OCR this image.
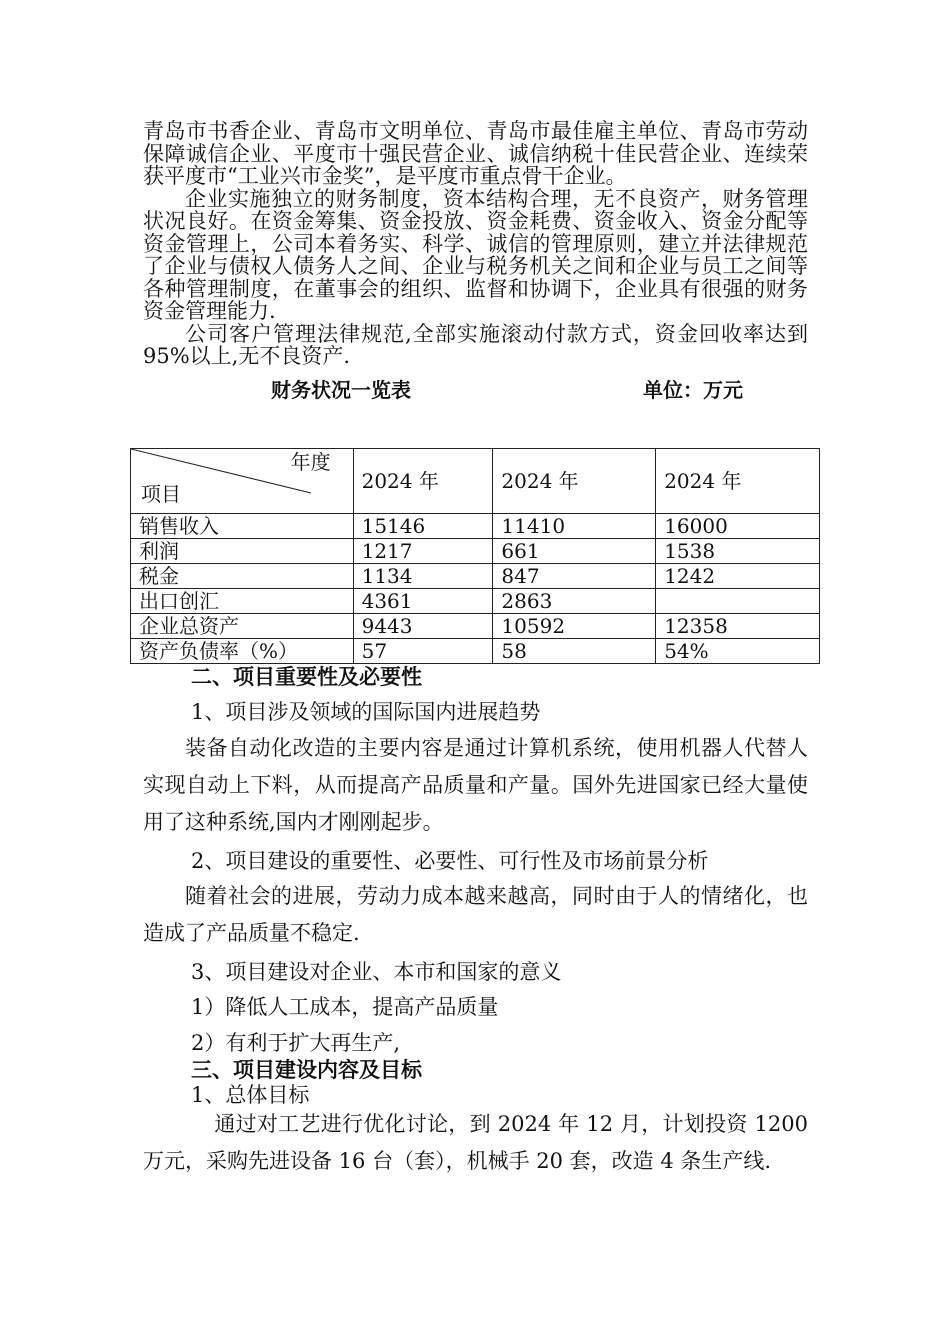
青岛市书香企业、青岛市文明单位、青岛市最佳雇主单位、青岛市劳动保障诚信企业、平度市十强民营企业、诚信纳税十佳民营企业、连续荣获平度市“工业兴市金奖”，是平度市重点骨干企业。

企业实施独立的财务制度，资本结构合理，无不良资产，财务管理状况良好。在资金筹集、资金投放、资金耗费、资金收入、资金分配等资金管理上，公司本着务实、科学、诚信的管理原则，建立并法律规范了企业与债权人债务人之间、企业与税务机关之间和企业与员工之间等各种管理制度，在董事会的组织、监督和协调下，企业具有很强的财务资金管理能力.

公司客户管理法律规范,全部实施滚动付款方式，资金回收率达到95%以上,无不良资产.

财务状况一览表	单位：万元
年度
项目	2024 年	2024 年	2024 年
销售收入	15146	11410	16000
利润	1217	661	1538
税金	1134	847	1242
出口创汇	4361	2863	
企业总资产	9443	10592	12358
资产负债率（%）	57	58	54%
二、项目重要性及必要性
1、项目涉及领域的国际国内进展趋势

装备自动化改造的主要内容是通过计算机系统，使用机器人代替人实现自动上下料，从而提高产品质量和产量。国外先进国家已经大量使用了这种系统,国内才刚刚起步。

2、项目建设的重要性、必要性、可行性及市场前景分析

随着社会的进展，劳动力成本越来越高，同时由于人的情绪化，也造成了产品质量不稳定.

3、项目建设对企业、本市和国家的意义
1）降低人工成本，提高产品质量
2）有利于扩大再生产,
三、项目建设内容及目标
1、总体目标

通过对工艺进行优化讨论，到 2024 年 12 月，计划投资 1200 万元，采购先进设备 16 台（套），机械手 20 套，改造 4 条生产线.
